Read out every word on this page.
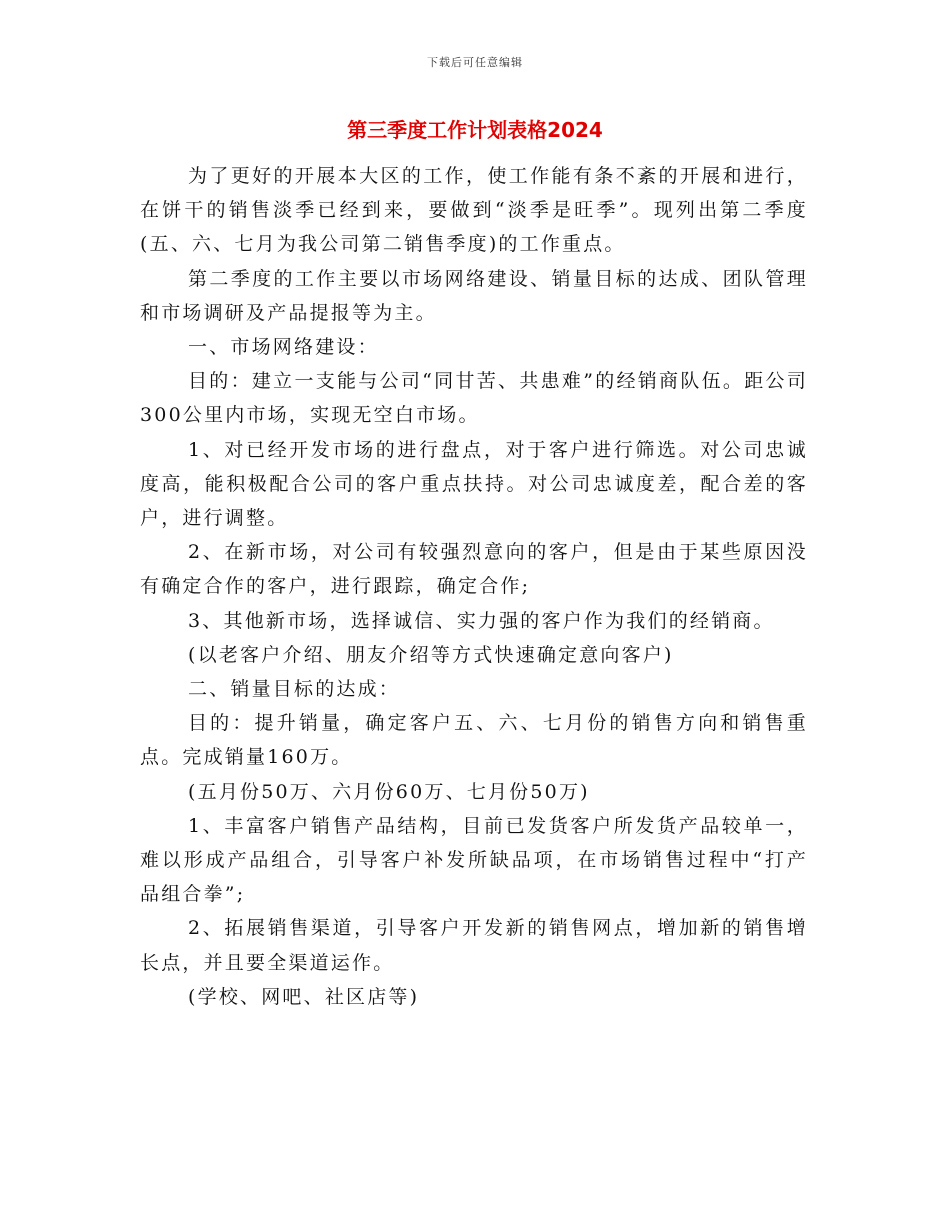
下载后可任意编辑
第三季度工作计划表格2024

为了更好的开展本大区的工作，使工作能有条不紊的开展和进行，在饼干的销售淡季已经到来，要做到“淡季是旺季”。现列出第二季度(五、六、七月为我公司第二销售季度)的工作重点。

第二季度的工作主要以市场网络建设、销量目标的达成、团队管理和市场调研及产品提报等为主。

一、市场网络建设：

目的：建立一支能与公司“同甘苦、共患难”的经销商队伍。距公司300公里内市场，实现无空白市场。

1、对已经开发市场的进行盘点，对于客户进行筛选。对公司忠诚度高，能积极配合公司的客户重点扶持。对公司忠诚度差，配合差的客户，进行调整。

2、在新市场，对公司有较强烈意向的客户，但是由于某些原因没有确定合作的客户，进行跟踪，确定合作;

3、其他新市场，选择诚信、实力强的客户作为我们的经销商。

(以老客户介绍、朋友介绍等方式快速确定意向客户)

二、销量目标的达成：

目的：提升销量，确定客户五、六、七月份的销售方向和销售重点。完成销量160万。

(五月份50万、六月份60万、七月份50万)

1、丰富客户销售产品结构，目前已发货客户所发货产品较单一，难以形成产品组合，引导客户补发所缺品项，在市场销售过程中“打产品组合拳”;

2、拓展销售渠道，引导客户开发新的销售网点，增加新的销售增长点，并且要全渠道运作。

(学校、网吧、社区店等)
